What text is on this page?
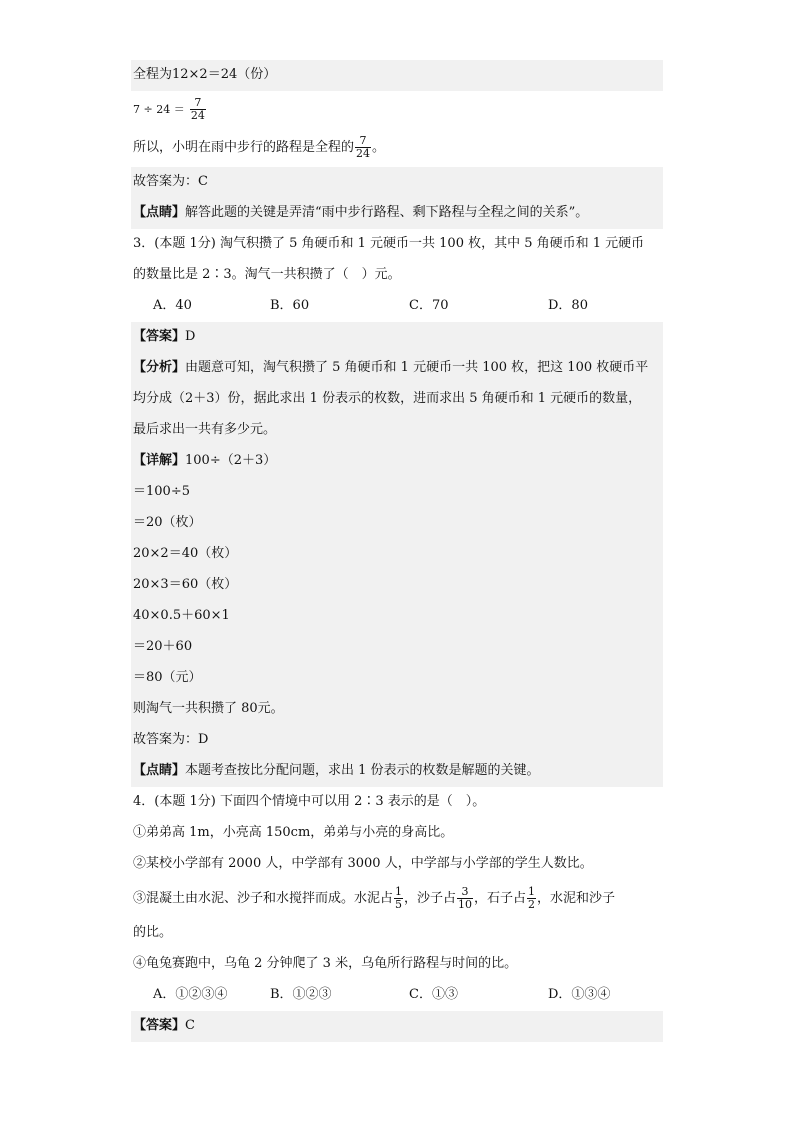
全程为12×2＝24（份）
$7 \div 24 = \frac{7}{24}$
所以，小明在雨中步行的路程是全程的 $\frac{7}{24}$ 。
故答案为：C
【点睛】解答此题的关键是弄清“雨中步行路程、剩下路程与全程之间的关系”。
3．(本题 1分) 淘气积攒了 5 角硬币和 1 元硬币一共 100 枚，其中 5 角硬币和 1 元硬币
的数量比是 2∶3。淘气一共积攒了（　）元。
A．40	B．60	C．70	D．80
【答案】D
【分析】由题意可知，淘气积攒了 5 角硬币和 1 元硬币一共 100 枚，把这 100 枚硬币平
均分成（2＋3）份，据此求出 1 份表示的枚数，进而求出 5 角硬币和 1 元硬币的数量，
最后求出一共有多少元。
【详解】100÷（2＋3）
＝100÷5
＝20（枚）
20×2＝40（枚）
20×3＝60（枚）
40×0.5＋60×1
＝20＋60
＝80（元）
则淘气一共积攒了 80元。
故答案为：D
【点睛】本题考查按比分配问题，求出 1 份表示的枚数是解题的关键。
4．(本题 1分) 下面四个情境中可以用 2∶3 表示的是（　）。
①弟弟高 1m，小亮高 150cm，弟弟与小亮的身高比。
②某校小学部有 2000 人，中学部有 3000 人，中学部与小学部的学生人数比。
③混凝土由水泥、沙子和水搅拌而成。水泥占 $\frac{1}{5}$ ，沙子占 $\frac{3}{10}$ ，石子占 $\frac{1}{2}$ ，水泥和沙子
的比。
④龟兔赛跑中，乌龟 2 分钟爬了 3 米，乌龟所行路程与时间的比。
A．①②③④	B．①②③	C．①③	D．①③④
【答案】C
